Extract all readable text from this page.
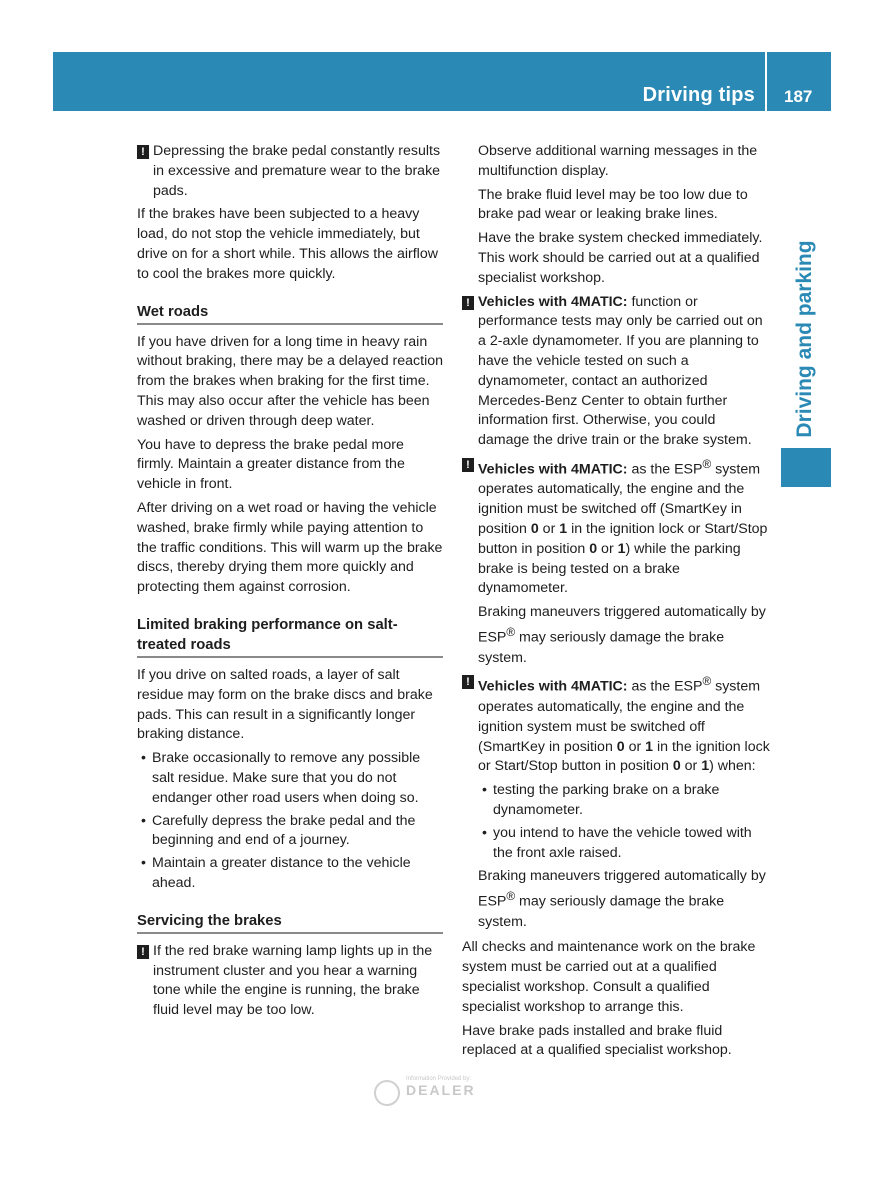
Driving tips 187
Driving and parking
! Depressing the brake pedal constantly results in excessive and premature wear to the brake pads.

If the brakes have been subjected to a heavy load, do not stop the vehicle immediately, but drive on for a short while. This allows the airflow to cool the brakes more quickly.

Wet roads

If you have driven for a long time in heavy rain without braking, there may be a delayed reaction from the brakes when braking for the first time. This may also occur after the vehicle has been washed or driven through deep water.

You have to depress the brake pedal more firmly. Maintain a greater distance from the vehicle in front.

After driving on a wet road or having the vehicle washed, brake firmly while paying attention to the traffic conditions. This will warm up the brake discs, thereby drying them more quickly and protecting them against corrosion.

Limited braking performance on salt-treated roads

If you drive on salted roads, a layer of salt residue may form on the brake discs and brake pads. This can result in a significantly longer braking distance.

• Brake occasionally to remove any possible salt residue. Make sure that you do not endanger other road users when doing so.
• Carefully depress the brake pedal and the beginning and end of a journey.
• Maintain a greater distance to the vehicle ahead.
Servicing the brakes
! If the red brake warning lamp lights up in the instrument cluster and you hear a warning tone while the engine is running, the brake fluid level may be too low.

Observe additional warning messages in the multifunction display.

The brake fluid level may be too low due to brake pad wear or leaking brake lines.

Have the brake system checked immediately. This work should be carried out at a qualified specialist workshop.

! Vehicles with 4MATIC: function or performance tests may only be carried out on a 2-axle dynamometer. If you are planning to have the vehicle tested on such a dynamometer, contact an authorized Mercedes-Benz Center to obtain further information first. Otherwise, you could damage the drive train or the brake system.
! Vehicles with 4MATIC: as the ESP® system operates automatically, the engine and the ignition must be switched off (SmartKey in position 0 or 1 in the ignition lock or Start/Stop button in position 0 or 1) while the parking brake is being tested on a brake dynamometer.

Braking maneuvers triggered automatically by ESP® may seriously damage the brake system.

! Vehicles with 4MATIC: as the ESP® system operates automatically, the engine and the ignition system must be switched off (SmartKey in position 0 or 1 in the ignition lock or Start/Stop button in position 0 or 1) when:
• testing the parking brake on a brake dynamometer.
• you intend to have the vehicle towed with the front axle raised.

Braking maneuvers triggered automatically by ESP® may seriously damage the brake system.

All checks and maintenance work on the brake system must be carried out at a qualified specialist workshop. Consult a qualified specialist workshop to arrange this.

Have brake pads installed and brake fluid replaced at a qualified specialist workshop.

Information Provided by:
DEALER
